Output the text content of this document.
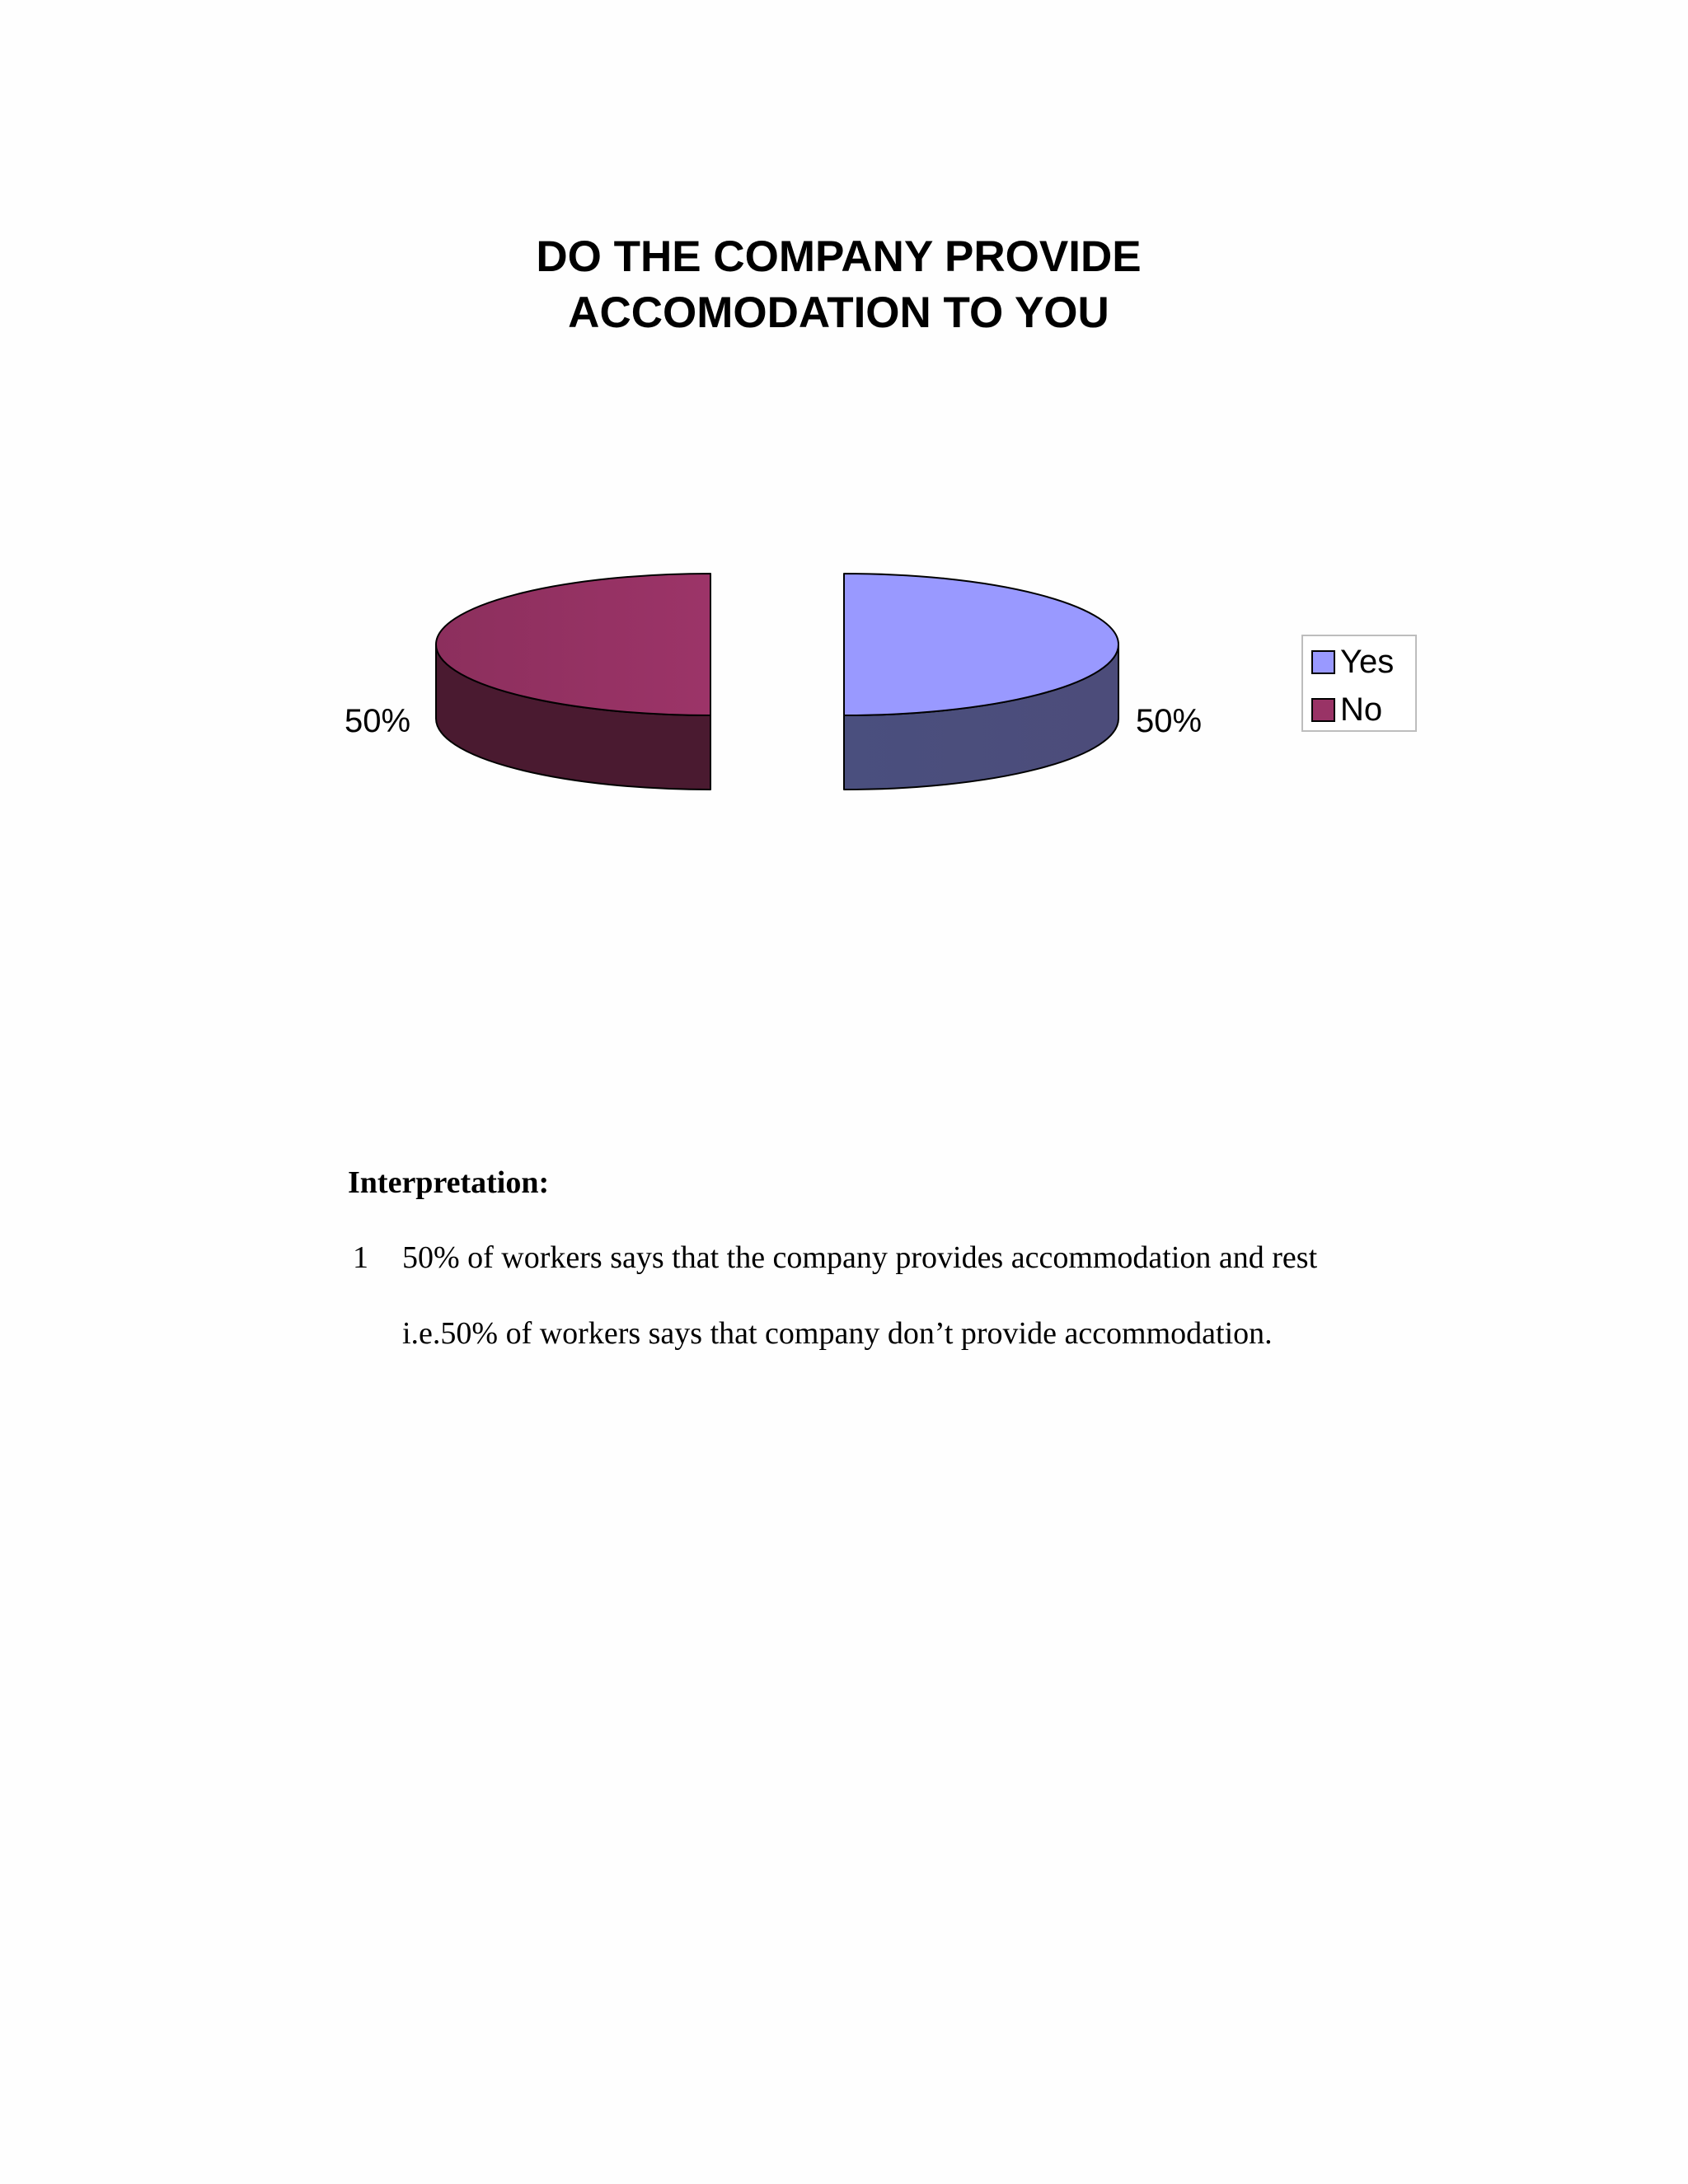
DO THE COMPANY PROVIDE
ACCOMODATION TO YOU
50%	50%
Yes
No
Interpretation:
1 50% of workers says that the company provides accommodation and rest
i.e.50% of workers says that company don’t provide accommodation.
